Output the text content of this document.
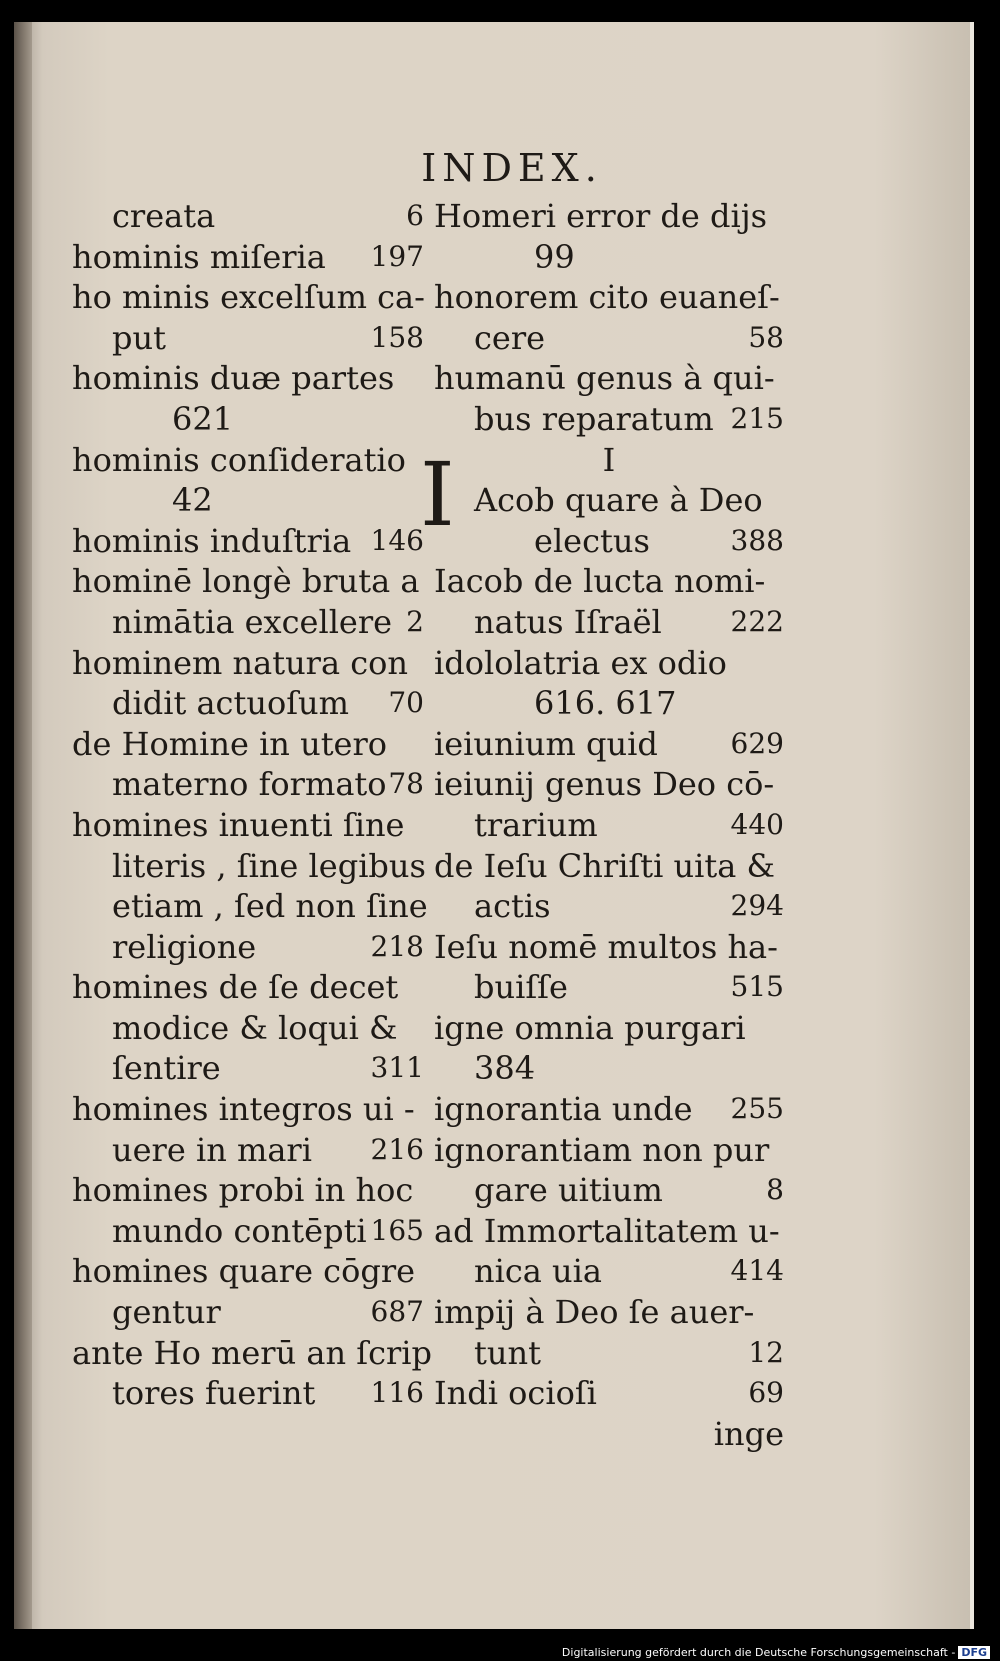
INDEX.
creata	6
hominis miſeria 197
ho minis excelſum ca-
put	158
hominis duæ partes
621
hominis conſideratio
42
hominis induſtria 146
hominē longè bruta a
nimātia excellere 2
hominem natura con
didit actuoſum 70
de Homine in utero
materno formato 78
homines inuenti ſine
literis , ſine legibus
etiam , ſed non ſine
religione	218
homines de ſe decet
modice & loqui &
ſentire	311
homines integros ui -
uere in mari 216
homines probi in hoc
mundo contēpti 165
homines quare cōgre
gentur	687
ante Ho merū an ſcrip
tores fuerint 116
Homeri error de dijs
99
honorem cito euaneſ-
cere	58
humanū genus à qui-
bus reparatum 215
I
Acob quare à Deo
electus	388
Iacob de lucta nomi-
natus Iſraël 222
idololatria ex odio
616. 617
ieiunium quid	629
ieiunij genus Deo cō-
trarium	440
de Ieſu Chriſti uita &
actis	294
Ieſu nomē multos ha-
buiſſe	515
igne omnia purgari
384
ignorantia unde 255
ignorantiam non pur
gare uitium	8
ad Immortalitatem u-
nica uia	414
impij à Deo ſe auer-
tunt	12
Indi ocioſi	69
inge
I
Digitalisierung gefördert durch die Deutsche Forschungsgemeinschaft - DFG
